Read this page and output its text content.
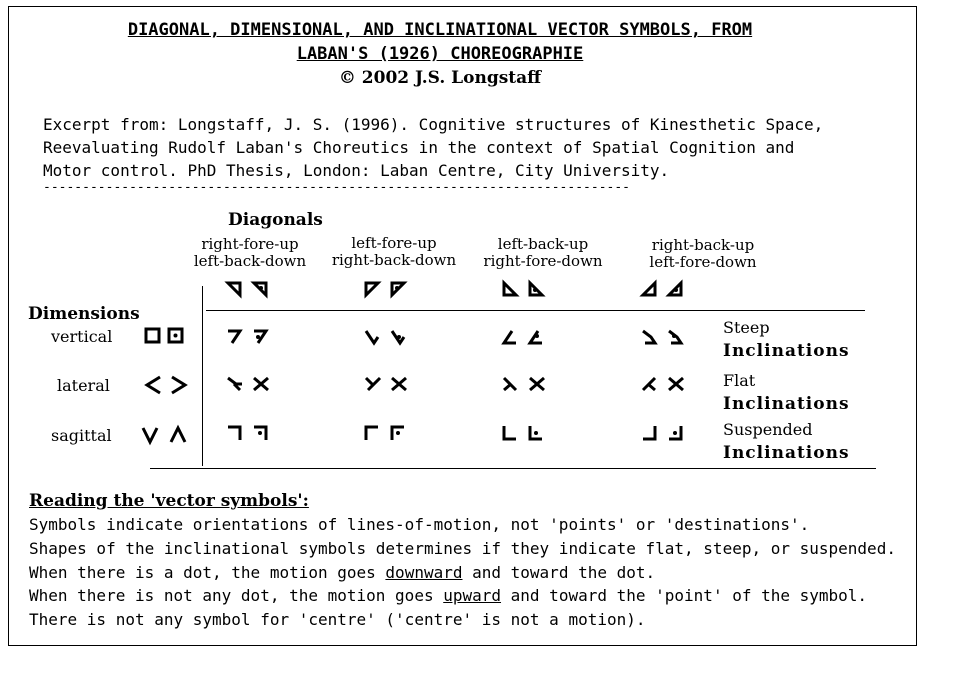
DIAGONAL, DIMENSIONAL, AND INCLINATIONAL VECTOR SYMBOLS, FROM
LABAN'S (1926) CHOREOGRAPHIE
© 2002 J.S. Longstaff
Excerpt from: Longstaff, J. S. (1996). Cognitive structures of Kinesthetic Space,
Reevaluating Rudolf Laban's Choreutics in the context of Spatial Cognition and
Motor control. PhD Thesis, London: Laban Centre, City University.
---------------------------------------------------------------------------
Diagonals
Dimensions
right-fore-up
left-back-down
left-fore-up
right-back-down
left-back-up
right-fore-down
right-back-up
left-fore-down
vertical
lateral
sagittal
Steep
Inclinations
Flat
Inclinations
Suspended
Inclinations
Reading the 'vector symbols':
Symbols indicate orientations of lines-of-motion, not 'points' or 'destinations'.
Shapes of the inclinational symbols determines if they indicate flat, steep, or suspended.
When there is a dot, the motion goes downward and toward the dot.
When there is not any dot, the motion goes upward and toward the 'point' of the symbol.
There is not any symbol for 'centre' ('centre' is not a motion).
